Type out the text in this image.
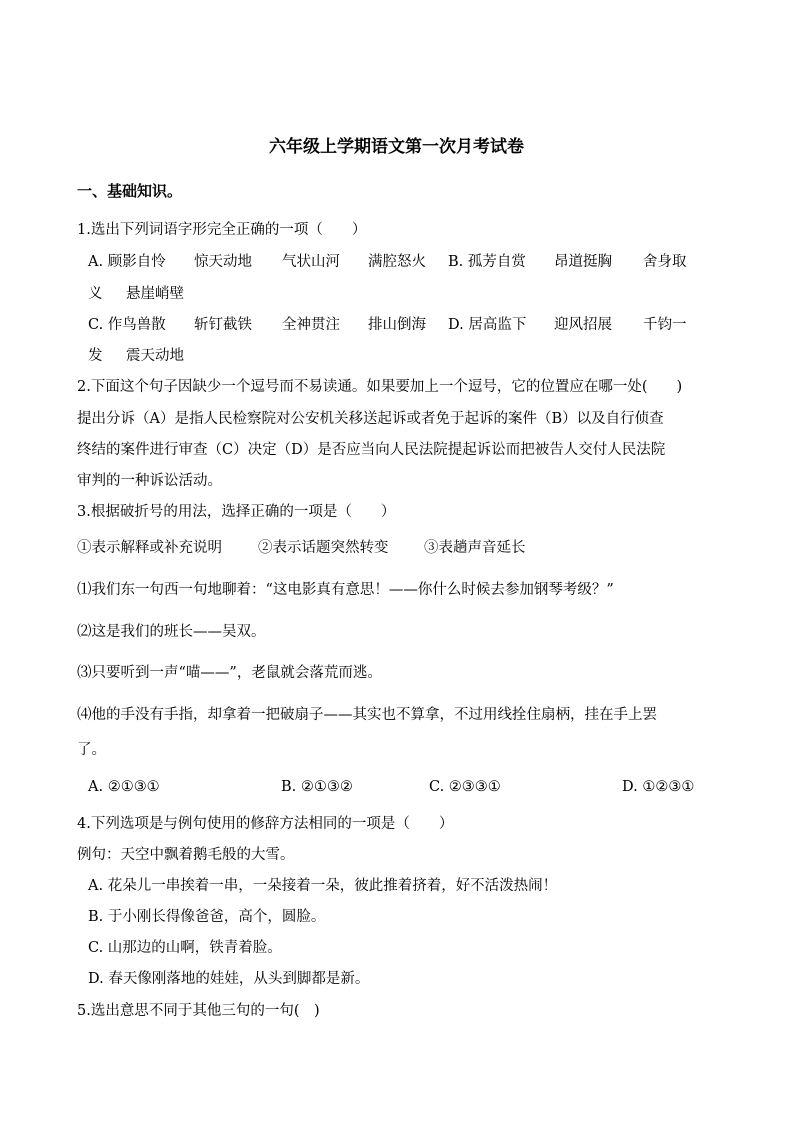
六年级上学期语文第一次月考试卷
一、基础知识。
1.选出下列词语字形完全正确的一项（　　）
A. 顾影自怜 惊天动地 气状山河 满腔怒火 B. 孤芳自赏 昂道挺胸 舍身取
义 悬崖峭壁
C. 作鸟兽散 斩钉截铁 全神贯注 排山倒海 D. 居高监下 迎风招展 千钧一
发 震天动地
2.下面这个句子因缺少一个逗号而不易读通。如果要加上一个逗号，它的位置应在哪一处(　　)
提出分诉（A）是指人民检察院对公安机关移送起诉或者免于起诉的案件（B）以及自行侦查
终结的案件进行审查（C）决定（D）是否应当向人民法院提起诉讼而把被告人交付人民法院
审判的一种诉讼活动。
3.根据破折号的用法，选择正确的一项是（　　）
①表示解释或补充说明 ②表示话题突然转变 ③表趟声音延长
⑴我们东一句西一句地聊着：“这电影真有意思！——你什么时候去参加钢琴考级？”
⑵这是我们的班长——吴双。
⑶只要听到一声“喵——”，老鼠就会落荒而逃。
⑷他的手没有手指，却拿着一把破扇子——其实也不算拿，不过用线拴住扇柄，挂在手上罢
了。
A. ②①③①	B. ②①③②	C. ②③③①	D. ①②③①
4.下列选项是与例句使用的修辞方法相同的一项是（　　）
例句：天空中飘着鹅毛般的大雪。
A. 花朵儿一串挨着一串，一朵接着一朵，彼此推着挤着，好不活泼热闹！
B. 于小刚长得像爸爸，高个，圆脸。
C. 山那边的山啊，铁青着脸。
D. 春天像刚落地的娃娃，从头到脚都是新。
5.选出意思不同于其他三句的一句(　)
